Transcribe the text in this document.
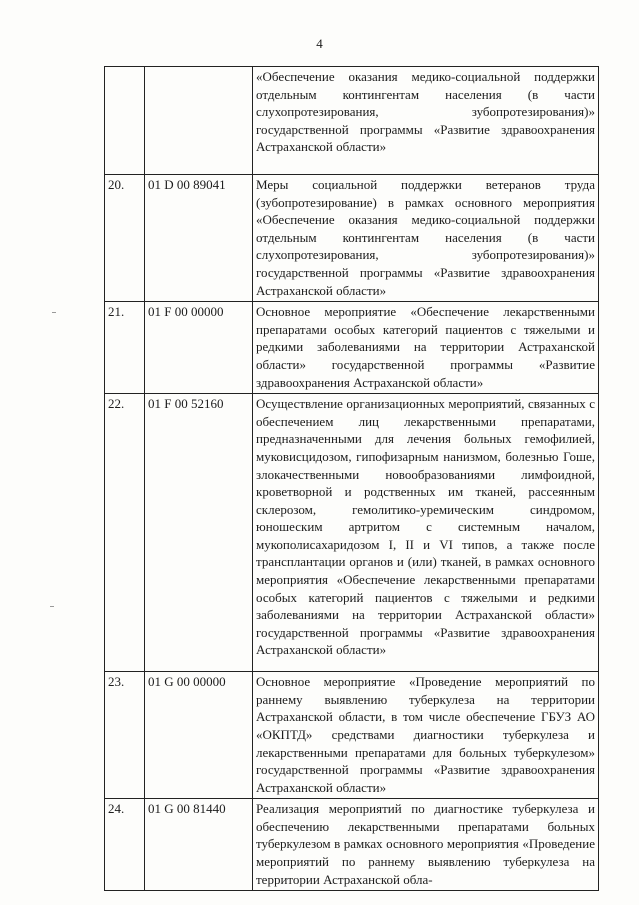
4
		«Обеспечение оказания медико-социальной поддержки отдельным контингентам населения (в части слухопротезирования, зубопротезирования)» государственной программы «Развитие здравоохранения Астраханской области»
20.	01 D 00 89041	Меры социальной поддержки ветеранов труда (зубопротезирование) в рамках основного мероприятия «Обеспечение оказания медико-социальной поддержки отдельным контингентам населения (в части слухопротезирования, зубопротезирования)» государственной программы «Развитие здравоохранения Астраханской области»
21.	01 F 00 00000	Основное мероприятие «Обеспечение лекарственными препаратами особых категорий пациентов с тяжелыми и редкими заболеваниями на территории Астраханской области» государственной программы «Развитие здравоохранения Астраханской области»
22.	01 F 00 52160	Осуществление организационных мероприятий, связанных с обеспечением лиц лекарственными препаратами, предназначенными для лечения больных гемофилией, муковисцидозом, гипофизарным нанизмом, болезнью Гоше, злокачественными новообразованиями лимфоидной, кроветворной и родственных им тканей, рассеянным склерозом, гемолитико-уремическим синдромом, юношеским артритом с системным началом, мукополисахаридозом I, II и VI типов, а также после трансплантации органов и (или) тканей, в рамках основного мероприятия «Обеспечение лекарственными препаратами особых категорий пациентов с тяжелыми и редкими заболеваниями на территории Астраханской области» государственной программы «Развитие здравоохранения Астраханской области»
23.	01 G 00 00000	Основное мероприятие «Проведение мероприятий по раннему выявлению туберкулеза на территории Астраханской области, в том числе обеспечение ГБУЗ АО «ОКПТД» средствами диагностики туберкулеза и лекарственными препаратами для больных туберкулезом» государственной программы «Развитие здравоохранения Астраханской области»
24.	01 G 00 81440	Реализация мероприятий по диагностике туберкулеза и обеспечению лекарственными препаратами больных туберкулезом в рамках основного мероприятия «Проведение мероприятий по раннему выявлению туберкулеза на территории Астраханской обла-
